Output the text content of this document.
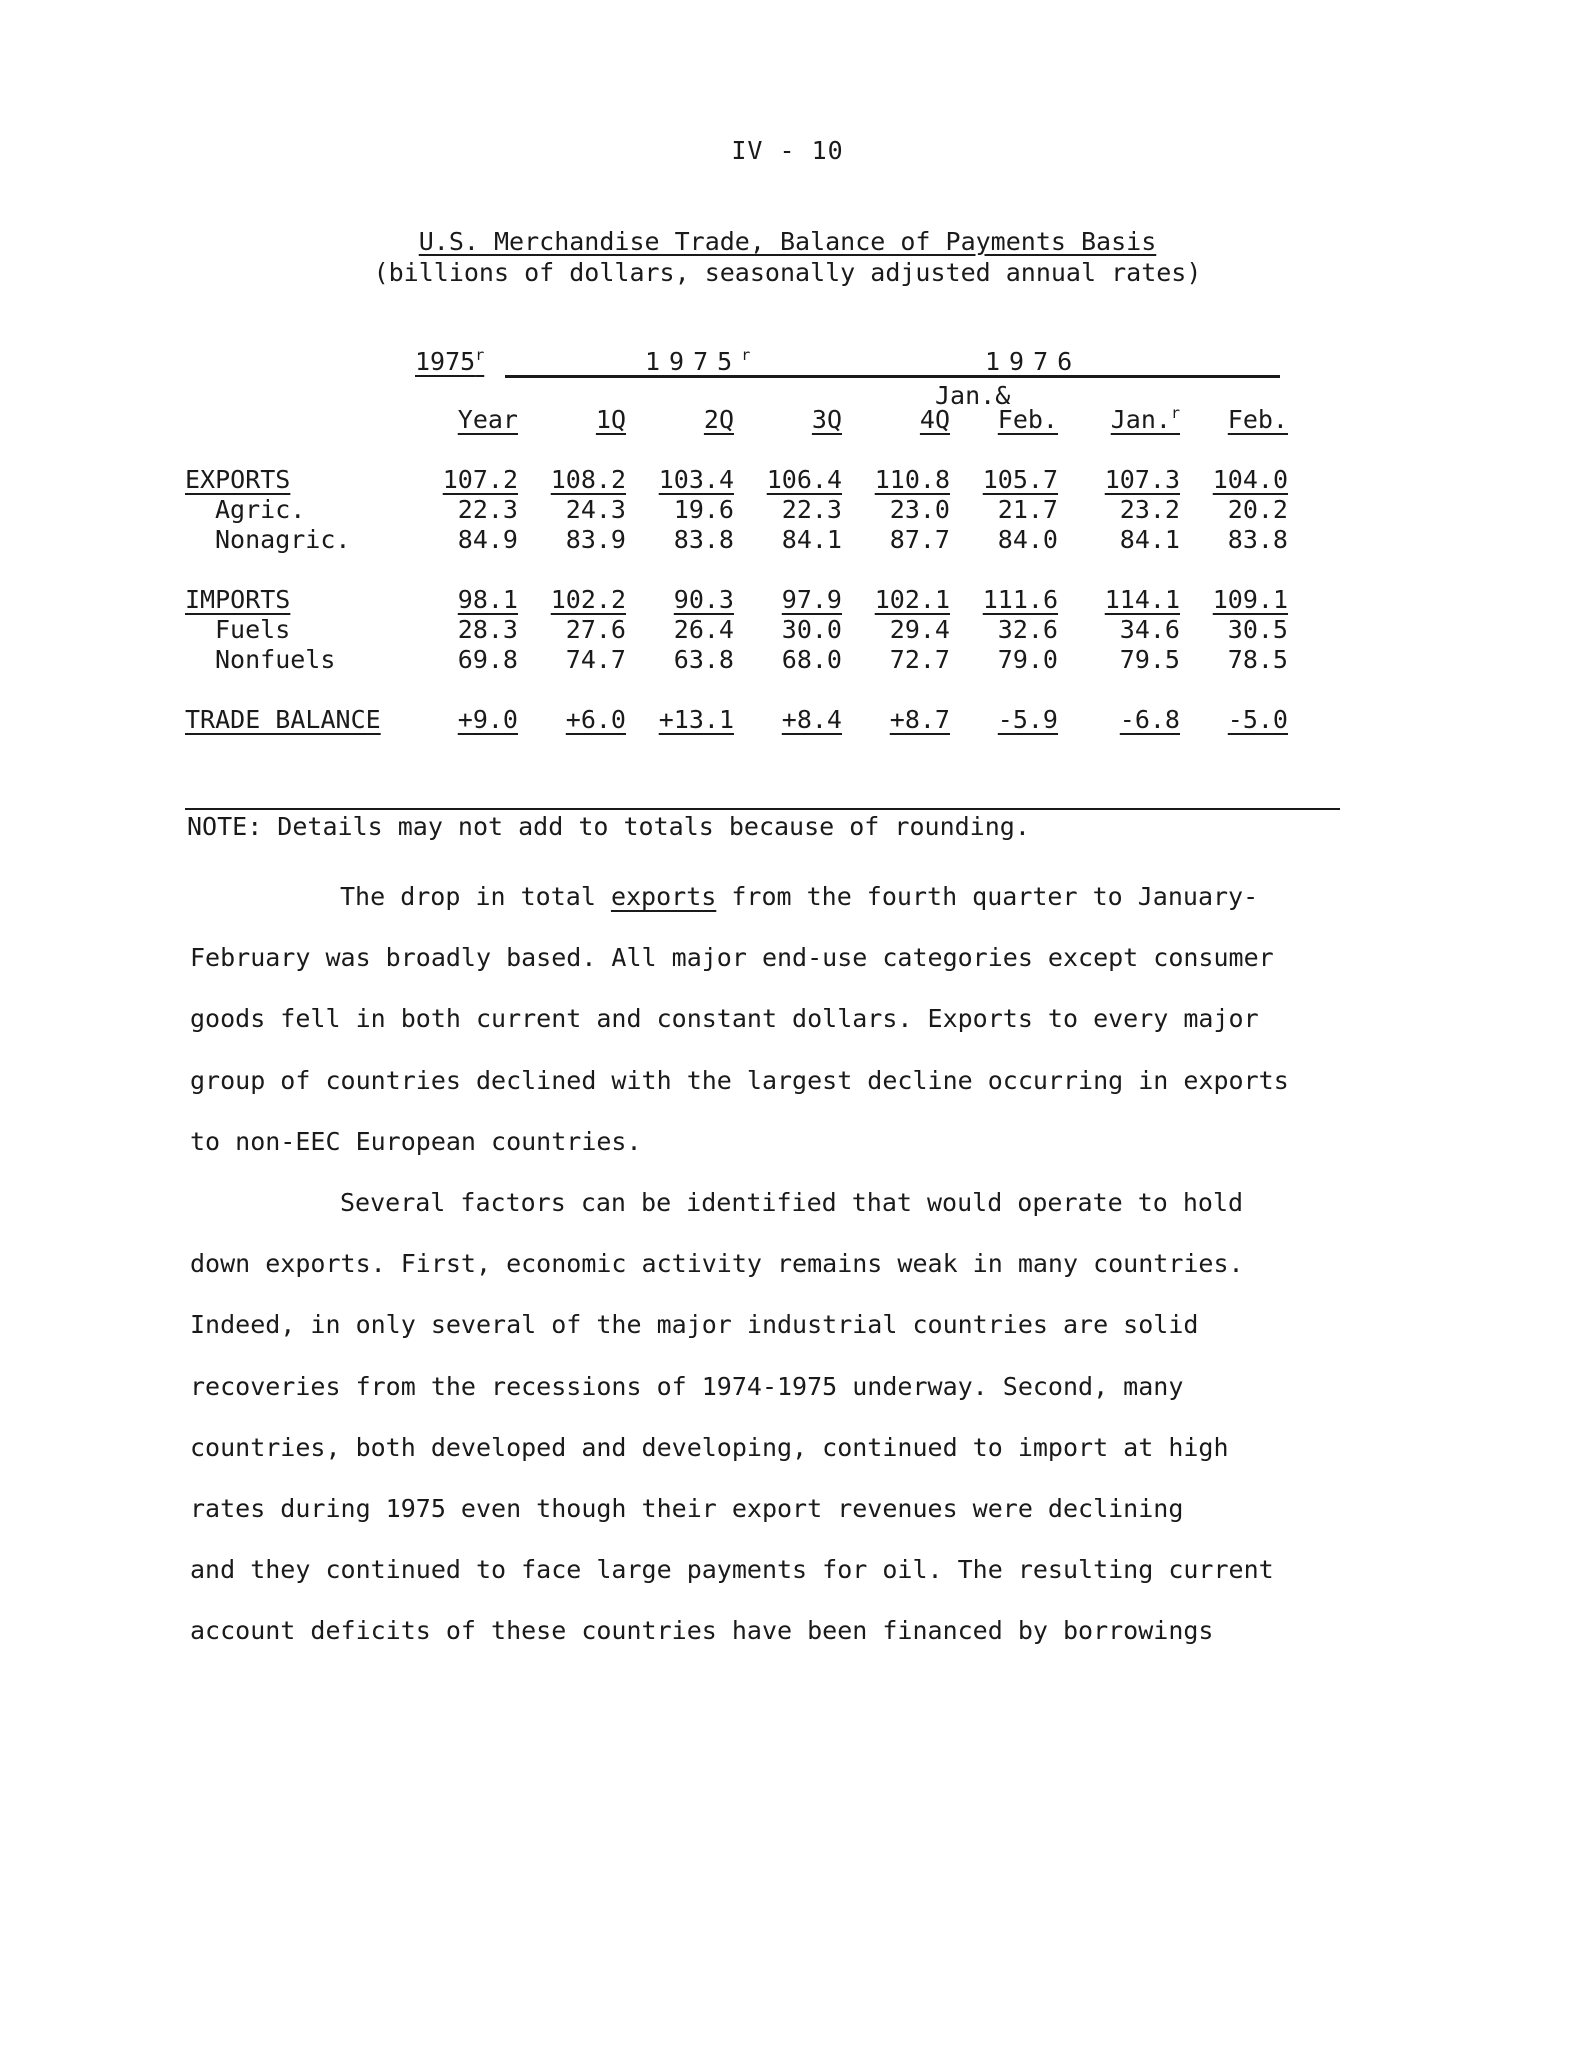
IV - 10
U.S. Merchandise Trade, Balance of Payments Basis
(billions of dollars, seasonally adjusted annual rates)
1975$^r$	1975$^r$	1976
Jan.&

	Year	1Q	2Q	3Q	4Q	Feb.	Jan.$^r$	Feb.

EXPORTS	107.2	108.2	103.4	106.4	110.8	105.7	107.3	104.0
Agric.	22.3	24.3	19.6	22.3	23.0	21.7	23.2	20.2
Nonagric.	84.9	83.9	83.8	84.1	87.7	84.0	84.1	83.8

IMPORTS	98.1	102.2	90.3	97.9	102.1	111.6	114.1	109.1
Fuels	28.3	27.6	26.4	30.0	29.4	32.6	34.6	30.5
Nonfuels	69.8	74.7	63.8	68.0	72.7	79.0	79.5	78.5

TRADE BALANCE	+9.0	+6.0	+13.1	+8.4	+8.7	-5.9	-6.8	-5.0
NOTE: Details may not add to totals because of rounding.

The drop in total exports from the fourth quarter to January-
February was broadly based. All major end-use categories except consumer
goods fell in both current and constant dollars. Exports to every major
group of countries declined with the largest decline occurring in exports
to non-EEC European countries.

Several factors can be identified that would operate to hold
down exports. First, economic activity remains weak in many countries.
Indeed, in only several of the major industrial countries are solid
recoveries from the recessions of 1974-1975 underway. Second, many
countries, both developed and developing, continued to import at high
rates during 1975 even though their export revenues were declining
and they continued to face large payments for oil. The resulting current
account deficits of these countries have been financed by borrowings
